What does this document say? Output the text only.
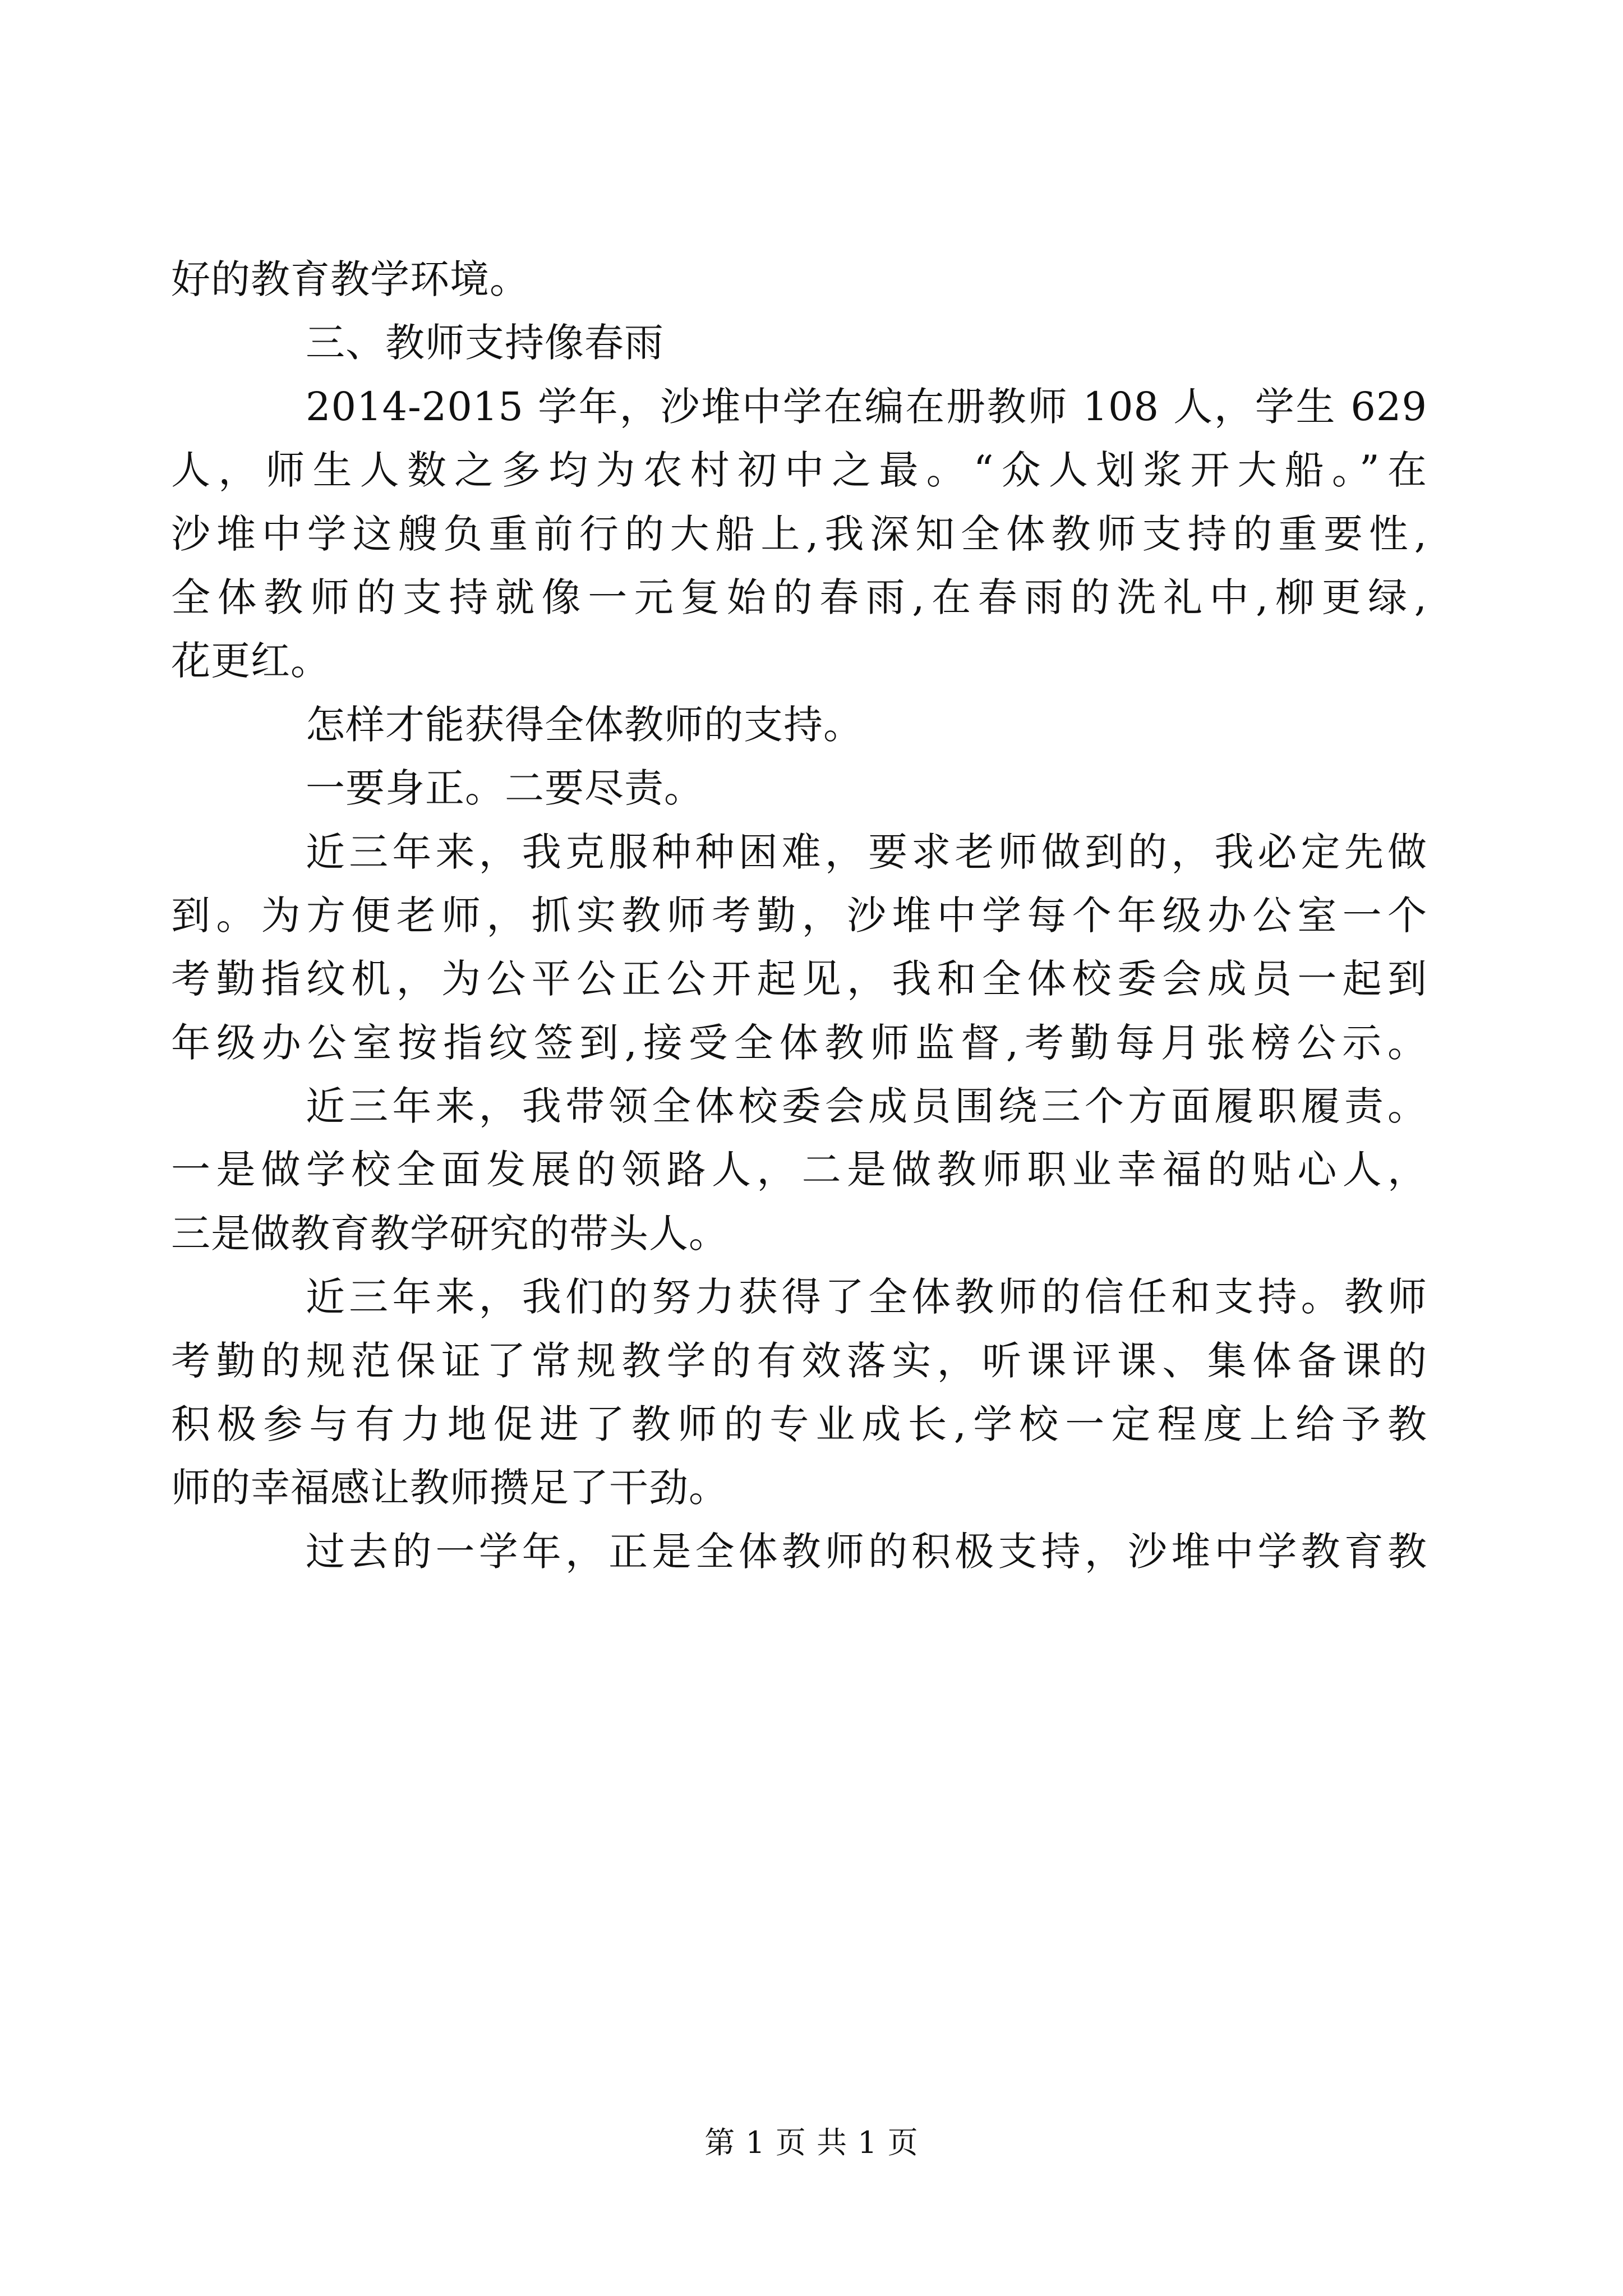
好的教育教学环境。
三、教师支持像春雨
2014-2015 学年，沙堆中学在编在册教师 108 人，学生 629
人，师生人数之多均为农村初中之最。“众人划浆开大船。”在
沙堆中学这艘负重前行的大船上,我深知全体教师支持的重要性,
全体教师的支持就像一元复始的春雨,在春雨的洗礼中,柳更绿,
花更红。
怎样才能获得全体教师的支持。
一要身正。二要尽责。
近三年来，我克服种种困难，要求老师做到的，我必定先做
到。为方便老师，抓实教师考勤，沙堆中学每个年级办公室一个
考勤指纹机，为公平公正公开起见，我和全体校委会成员一起到
年级办公室按指纹签到,接受全体教师监督,考勤每月张榜公示。
近三年来，我带领全体校委会成员围绕三个方面履职履责。
一是做学校全面发展的领路人，二是做教师职业幸福的贴心人，
三是做教育教学研究的带头人。
近三年来，我们的努力获得了全体教师的信任和支持。教师
考勤的规范保证了常规教学的有效落实，听课评课、集体备课的
积极参与有力地促进了教师的专业成长,学校一定程度上给予教
师的幸福感让教师攒足了干劲。
过去的一学年，正是全体教师的积极支持，沙堆中学教育教
第 1 页 共 1 页
